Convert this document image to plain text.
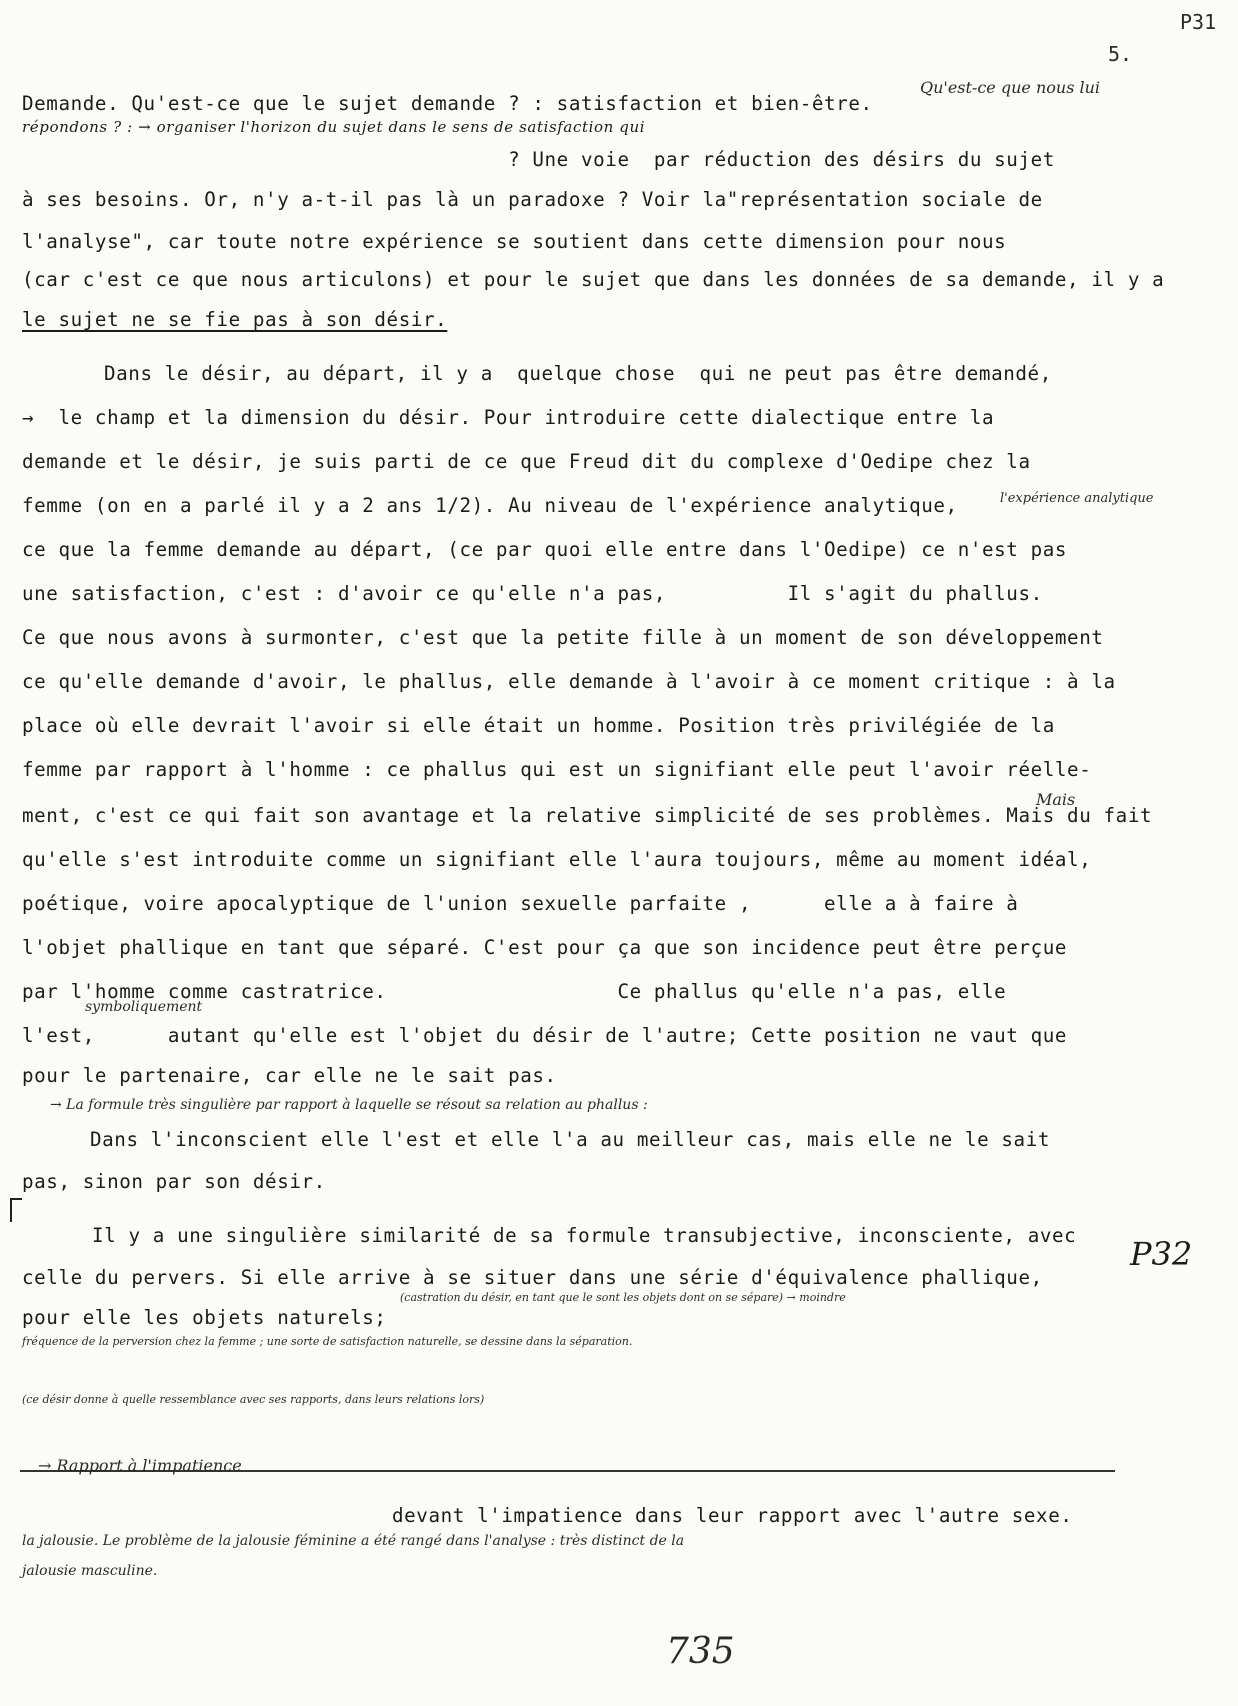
P31
5.
Qu'est-ce que nous lui
Demande. Qu'est-ce que le sujet demande ? : satisfaction et bien-être.
répondons ? : → organiser l'horizon du sujet dans le sens de satisfaction qui
? Une voie  par réduction des désirs du sujet
à ses besoins. Or, n'y a-t-il pas là un paradoxe ? Voir la"représentation sociale de
l'analyse", car toute notre expérience se soutient dans cette dimension pour nous
(car c'est ce que nous articulons) et pour le sujet que dans les données de sa demande, il y a
le sujet ne se fie pas à son désir.
Dans le désir, au départ, il y a  quelque chose  qui ne peut pas être demandé,
→  le champ et la dimension du désir. Pour introduire cette dialectique entre la
demande et le désir, je suis parti de ce que Freud dit du complexe d'Oedipe chez la
femme (on en a parlé il y a 2 ans 1/2). Au niveau de l'expérience analytique,	l'expérience analytique
ce que la femme demande au départ, (ce par quoi elle entre dans l'Oedipe) ce n'est pas
une satisfaction, c'est : d'avoir ce qu'elle n'a pas,          Il s'agit du phallus.
Ce que nous avons à surmonter, c'est que la petite fille à un moment de son développement
ce qu'elle demande d'avoir, le phallus, elle demande à l'avoir à ce moment critique : à la
place où elle devrait l'avoir si elle était un homme. Position très privilégiée de la
femme par rapport à l'homme : ce phallus qui est un signifiant elle peut l'avoir réelle-
Mais
ment, c'est ce qui fait son avantage et la relative simplicité de ses problèmes. Mais du fait
qu'elle s'est introduite comme un signifiant elle l'aura toujours, même au moment idéal,
poétique, voire apocalyptique de l'union sexuelle parfaite ,      elle a à faire à
l'objet phallique en tant que séparé. C'est pour ça que son incidence peut être perçue
par l'homme comme castratrice.                   Ce phallus qu'elle n'a pas, elle
symboliquement
l'est,      autant qu'elle est l'objet du désir de l'autre; Cette position ne vaut que
pour le partenaire, car elle ne le sait pas.
→ La formule très singulière par rapport à laquelle se résout sa relation au phallus :
Dans l'inconscient elle l'est et elle l'a au meilleur cas, mais elle ne le sait
pas, sinon par son désir.
Il y a une singulière similarité de sa formule transubjective, inconsciente, avec P32
celle du pervers. Si elle arrive à se situer dans une série d'équivalence phallique,
pour elle les objets naturels;
(castration du désir, en tant que le sont les objets dont on se sépare) → moindre
fréquence de la perversion chez la femme ; une sorte de satisfaction naturelle, se dessine dans la séparation.
(ce désir donne à quelle ressemblance avec ses rapports, dans leurs relations lors)
→ Rapport à l'impatience
devant l'impatience dans leur rapport avec l'autre sexe.
la jalousie. Le problème de la jalousie féminine a été rangé dans l'analyse : très distinct de la
jalousie masculine.
735
